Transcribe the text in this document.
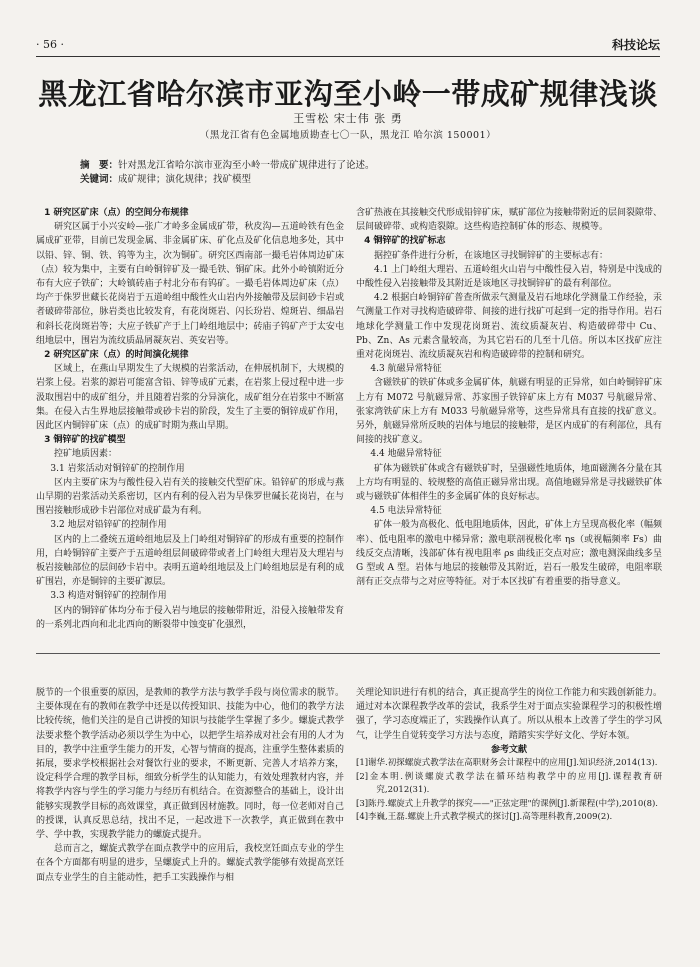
· 56 ·	科技论坛
黑龙江省哈尔滨市亚沟至小岭一带成矿规律浅谈
王雪松 宋士伟 张 勇
（黑龙江省有色金属地质勘查七〇一队，黑龙江 哈尔滨 150001）
摘　要：针对黑龙江省哈尔滨市亚沟至小岭一带成矿规律进行了论述。
关键词：成矿规律；演化规律；找矿模型
1 研究区矿床（点）的空间分布规律

研究区属于小兴安岭—张广才岭多金属成矿带，秋皮沟—五道岭铁有色金属成矿亚带，目前已发现金属、非金属矿床、矿化点及矿化信息地多处，其中以铅、锌、铜、铁、钨等为主，次为铜矿。研究区西南部一撮毛岩体周边矿床（点）较为集中，主要有白岭铜锌矿及一撮毛铁、铜矿床。此外小岭镇附近分布有大应子铁矿；大岭镇砖庙子村北分布有钨矿。一撮毛岩体周边矿床（点）均产于侏罗世藏长花岗岩于五道岭组中酸性火山岩内外接触带及层间砂卡岩或者破碎带部位，脉岩类也比较发育，有花岗斑岩、闪长玢岩、煌斑岩、细晶岩和斜长花岗斑岩等；大应子铁矿产于上门岭组地层中；砖庙子钨矿产于太安屯组地层中，围岩为流纹质晶屑凝灰岩、英安岩等。

2 研究区矿床（点）的时间演化规律

区域上，在燕山早期发生了大规模的岩浆活动，在伸展机制下，大规模的岩浆上侵。岩浆的源岩可能富含铅、锌等成矿元素，在岩浆上侵过程中进一步汲取围岩中的成矿组分，并且随着岩浆的分异演化，成矿组分在岩浆中不断富集。在侵入古生界地层接触带或砂卡岩的阶段，发生了主要的铜锌成矿作用，因此区内铜锌矿床（点）的成矿时期为燕山早期。

3 铜锌矿的找矿模型

控矿地质因素：

3.1 岩浆活动对铜锌矿的控制作用

区内主要矿床为与酸性侵入岩有关的接触交代型矿床。铅锌矿的形成与燕山早期的岩浆活动关系密切，区内有利的侵入岩为早侏罗世碱长花岗岩，在与围岩接触形成砂卡岩部位对成矿最为有利。

3.2 地层对铅锌矿的控制作用

区内的上二叠统五道岭组地层及上门岭组对铜锌矿的形成有重要的控制作用，白岭铜锌矿主要产于五道岭组层间破碎带或者上门岭组大理岩及大理岩与板岩接触部位的层间砂卡岩中。表明五道岭组地层及上门岭组地层是有利的成矿围岩，亦是铜锌的主要矿源层。

3.3 构造对铜锌矿的控制作用

区内的铜锌矿体均分布于侵入岩与地层的接触带附近，沿侵入接触带发育的一系列北西向和北北西向的断裂带中蚀变矿化强烈，

含矿热液在其接触交代形成铅锌矿床，赋矿部位为接触带附近的层间裂隙带、层间破碎带、或构造裂隙。这些构造控制矿体的形态、规模等。

4 铜锌矿的找矿标志

据控矿条件进行分析，在该地区寻找铜锌矿的主要标志有：

4.1 上门岭组大理岩、五道岭组火山岩与中酸性侵入岩，特别是中浅成的中酸性侵入岩接触带及其附近是该地区寻找铜锌矿的最有利部位。

4.2 根据白岭铜锌矿普查所做汞气测量及岩石地球化学测量工作经验，汞气测量工作对寻找构造破碎带、间接的进行找矿可起到一定的指导作用。岩石地球化学测量工作中发现花岗斑岩、流纹质凝灰岩、构造破碎带中 Cu、Pb、Zn、As 元素含量较高，为其它岩石的几至十几倍。所以本区找矿应注重对花岗斑岩、流纹质凝灰岩和构造破碎带的控制和研究。

4.3 航磁异常特征

含磁铁矿的铁矿体或多金属矿体，航磁有明显的正异常，如白岭铜锌矿床上方有 M072 号航磁异常、苏家围子铁锌矿床上方有 M037 号航磁异常、张家湾铁矿床上方有 M033 号航磁异常等，这些异常具有直接的找矿意义。另外，航磁异常所反映的岩体与地层的接触带，是区内成矿的有利部位，具有间接的找矿意义。

4.4 地磁异常特征

矿体为磁铁矿体或含有磁铁矿时，呈强磁性地质体，地面磁测各分量在其上方均有明显的、较规整的高值正磁异常出现。高值地磁异常是寻找磁铁矿体或与磁铁矿体相伴生的多金属矿体的良好标志。

4.5 电法异常特征

矿体一般为高极化、低电阻地质体，因此，矿体上方呈现高极化率（幅频率）、低电阻率的激电中梯异常；激电联剖视极化率 ηs（或视幅频率 Fs）曲线反交点清晰，浅部矿体有视电阻率 ρs 曲线正交点对应；激电测深曲线多呈 G 型或 A 型。岩体与地层的接触带及其附近，岩石一般发生破碎，电阻率联剖有正交点带与之对应等特征。对于本区找矿有着重要的指导意义。

脱节的一个很重要的原因，是教师的教学方法与教学手段与岗位需求的脱节。主要体现在有的教师在教学中还是以传授知识、技能为中心，他们的教学方法比较传统，他们关注的是自己讲授的知识与技能学生掌握了多少。螺旋式教学法要求整个教学活动必须以学生为中心，以把学生培养成对社会有用的人才为目的，教学中注重学生能力的开发，心智与情商的提高，注重学生整体素质的拓展，要求学校根据社会对餐饮行业的要求，不断更新、完善人才培养方案，设定科学合理的教学目标，细致分析学生的认知能力，有效处理教材内容，并将教学内容与学生的学习能力与经历有机结合。在资源整合的基础上，设计出能够实现教学目标的高效课堂，真正做到因材施教。同时，每一位老师对自己的授课，认真反思总结，找出不足，一起改进下一次教学，真正做到在教中学、学中教，实现教学能力的螺旋式提升。

总而言之，螺旋式教学在面点教学中的应用后，我校烹饪面点专业的学生在各个方面都有明显的进步，呈螺旋式上升的。螺旋式教学能够有效提高烹饪面点专业学生的自主能动性，把手工实践操作与相

关理论知识进行有机的结合，真正提高学生的岗位工作能力和实践创新能力。通过对本次课程教学改革的尝试，我系学生对于面点实验课程学习的积极性增强了，学习态度端正了，实践操作认真了。所以从根本上改善了学生的学习风气，让学生自觉转变学习方法与态度，踏踏实实学好文化、学好本领。

参考文献
[1]谢华.初探螺旋式教学法在高职财务会计课程中的应用[J].知识经济,2014(13).
[2]金本明.例谈螺旋式教学法在循环结构教学中的应用[J].课程教育研究,2012(31).
[3]陈丹.螺旋式上升教学的探究——"正弦定理"的课例[J].新课程(中学),2010(8).
[4]李巍,王磊.螺旋上升式教学模式的探讨[J].高等理科教育,2009(2).
